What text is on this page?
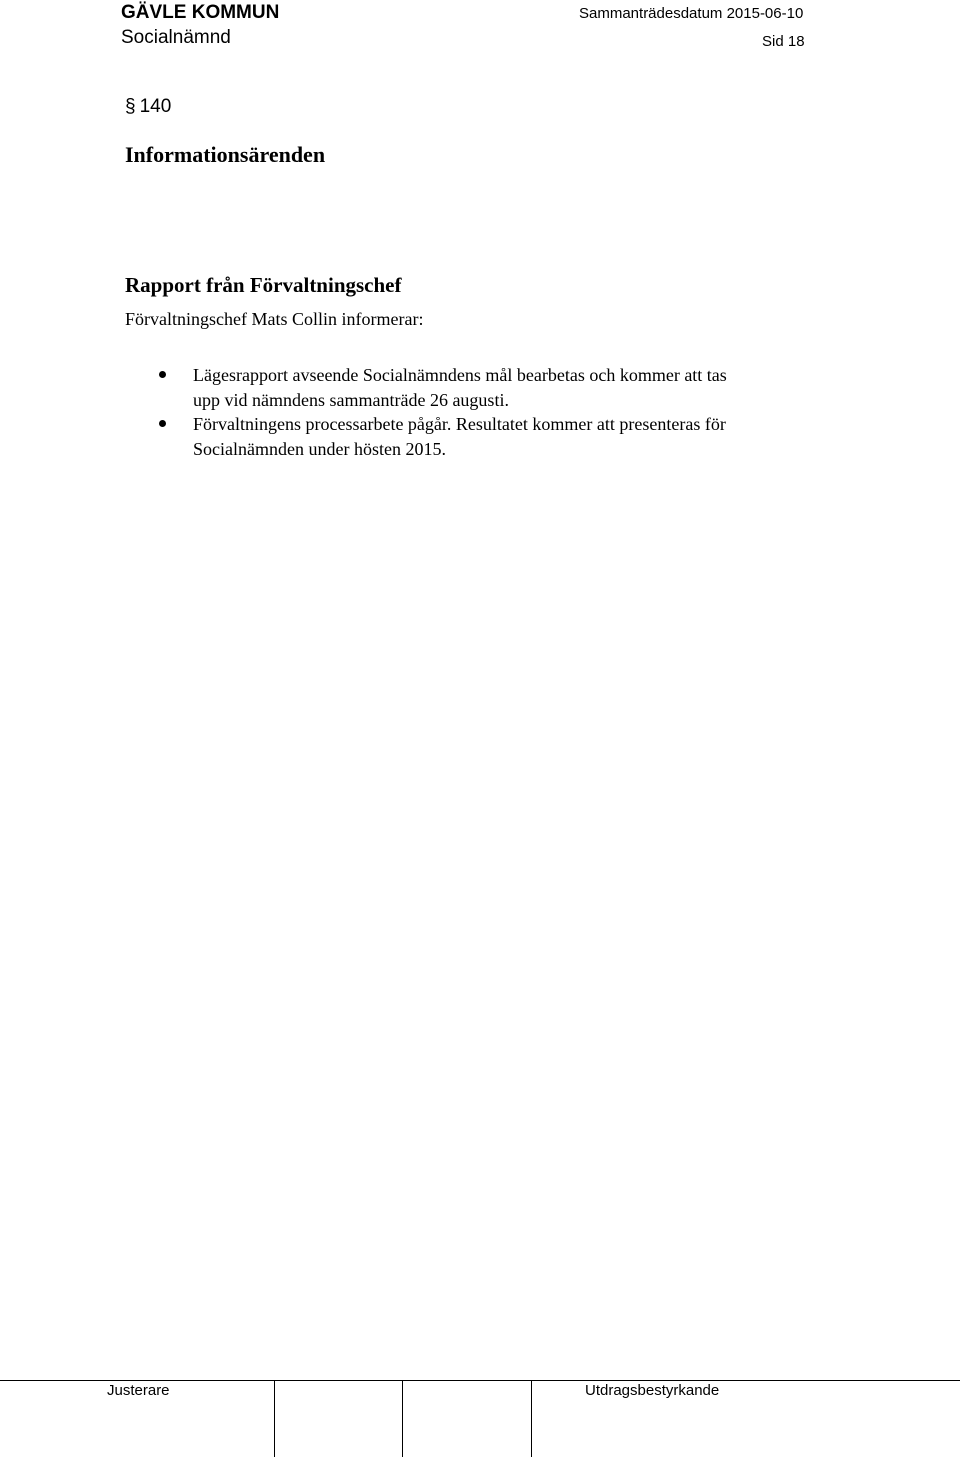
GÄVLE KOMMUN
Socialnämnd
Sammanträdesdatum 2015-06-10
Sid 18
§ 140
Informationsärenden
Rapport från Förvaltningschef
Förvaltningschef Mats Collin informerar:
Lägesrapport avseende Socialnämndens mål bearbetas och kommer att tas
upp vid nämndens sammanträde 26 augusti.
Förvaltningens processarbete pågår. Resultatet kommer att presenteras för
Socialnämnden under hösten 2015.
Justerare	Utdragsbestyrkande
